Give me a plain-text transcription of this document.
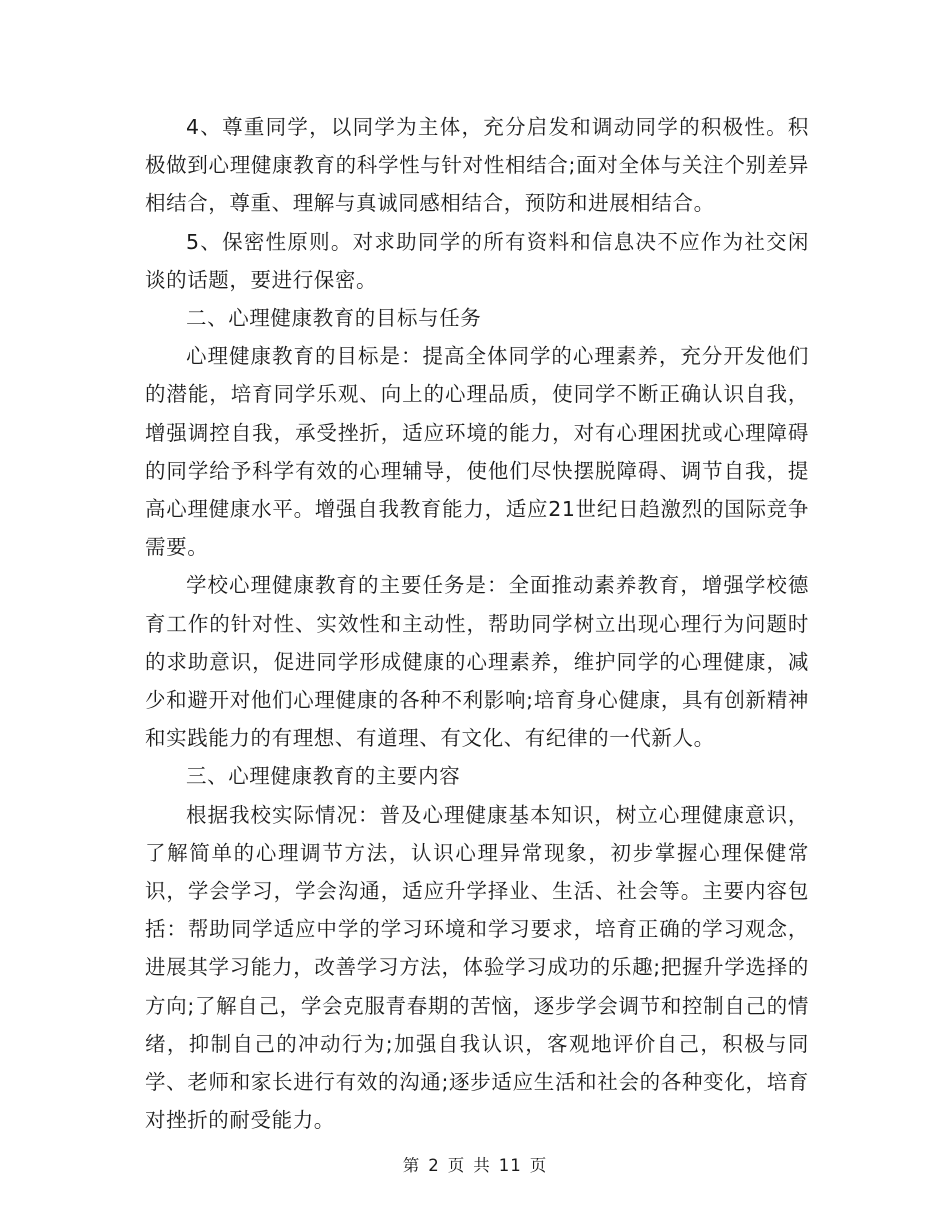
4、尊重同学，以同学为主体，充分启发和调动同学的积极性。积极做到心理健康教育的科学性与针对性相结合;面对全体与关注个别差异相结合，尊重、理解与真诚同感相结合，预防和进展相结合。

5、保密性原则。对求助同学的所有资料和信息决不应作为社交闲谈的话题，要进行保密。

二、心理健康教育的目标与任务

心理健康教育的目标是：提高全体同学的心理素养，充分开发他们的潜能，培育同学乐观、向上的心理品质，使同学不断正确认识自我，增强调控自我，承受挫折，适应环境的能力，对有心理困扰或心理障碍的同学给予科学有效的心理辅导，使他们尽快摆脱障碍、调节自我，提高心理健康水平。增强自我教育能力，适应21世纪日趋激烈的国际竞争需要。

学校心理健康教育的主要任务是：全面推动素养教育，增强学校德育工作的针对性、实效性和主动性，帮助同学树立出现心理行为问题时的求助意识，促进同学形成健康的心理素养，维护同学的心理健康，减少和避开对他们心理健康的各种不利影响;培育身心健康，具有创新精神和实践能力的有理想、有道理、有文化、有纪律的一代新人。

三、心理健康教育的主要内容

根据我校实际情况：普及心理健康基本知识，树立心理健康意识，了解简单的心理调节方法，认识心理异常现象，初步掌握心理保健常识，学会学习，学会沟通，适应升学择业、生活、社会等。主要内容包括：帮助同学适应中学的学习环境和学习要求，培育正确的学习观念，进展其学习能力，改善学习方法，体验学习成功的乐趣;把握升学选择的方向;了解自己，学会克服青春期的苦恼，逐步学会调节和控制自己的情绪，抑制自己的冲动行为;加强自我认识，客观地评价自己，积极与同学、老师和家长进行有效的沟通;逐步适应生活和社会的各种变化，培育对挫折的耐受能力。

第 2 页 共 11 页
